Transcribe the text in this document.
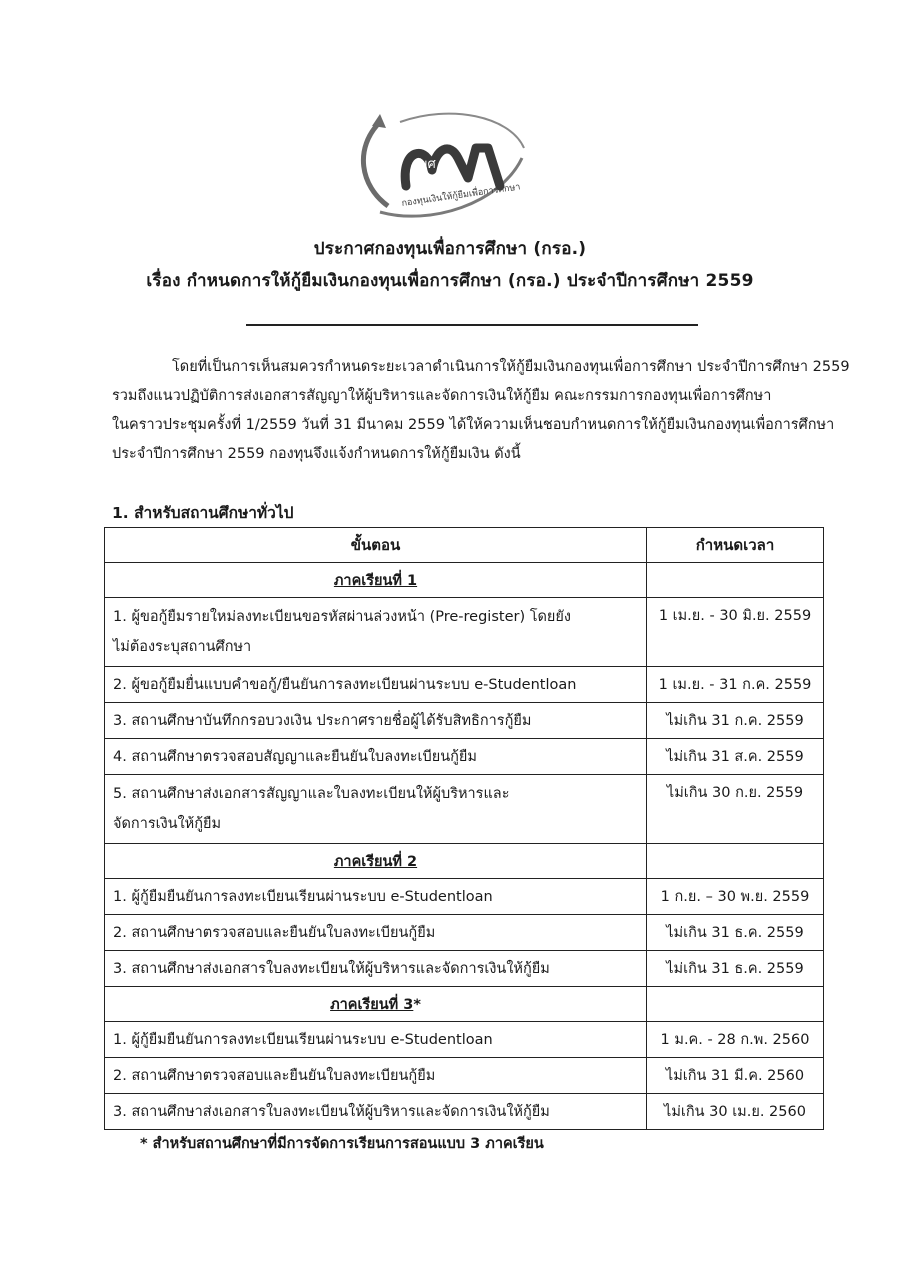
กยศ
กองทุนเงินให้กู้ยืมเพื่อการศึกษา
ประกาศกองทุนเพื่อการศึกษา (กรอ.)
เรื่อง กำหนดการให้กู้ยืมเงินกองทุนเพื่อการศึกษา (กรอ.) ประจำปีการศึกษา 2559
โดยที่เป็นการเห็นสมควรกำหนดระยะเวลาดำเนินการให้กู้ยืมเงินกองทุนเพื่อการศึกษา ประจำปีการศึกษา 2559
รวมถึงแนวปฏิบัติการส่งเอกสารสัญญาให้ผู้บริหารและจัดการเงินให้กู้ยืม คณะกรรมการกองทุนเพื่อการศึกษา
ในคราวประชุมครั้งที่ 1/2559 วันที่ 31 มีนาคม 2559 ได้ให้ความเห็นชอบกำหนดการให้กู้ยืมเงินกองทุนเพื่อการศึกษา
ประจำปีการศึกษา 2559 กองทุนจึงแจ้งกำหนดการให้กู้ยืมเงิน ดังนี้
1. สำหรับสถานศึกษาทั่วไป
ขั้นตอน	กำหนดเวลา
ภาคเรียนที่ 1	

1. ผู้ขอกู้ยืมรายใหม่ลงทะเบียนขอรหัสผ่านล่วงหน้า (Pre-register) โดยยัง
ไม่ต้องระบุสถานศึกษา	1 เม.ย. - 30 มิ.ย. 2559
2. ผู้ขอกู้ยืมยื่นแบบคำขอกู้/ยืนยันการลงทะเบียนผ่านระบบ e-Studentloan	1 เม.ย. - 31 ก.ค. 2559
3. สถานศึกษาบันทึกกรอบวงเงิน ประกาศรายชื่อผู้ได้รับสิทธิการกู้ยืม	ไม่เกิน 31 ก.ค. 2559
4. สถานศึกษาตรวจสอบสัญญาและยืนยันใบลงทะเบียนกู้ยืม	ไม่เกิน 31 ส.ค. 2559

5. สถานศึกษาส่งเอกสารสัญญาและใบลงทะเบียนให้ผู้บริหารและ
จัดการเงินให้กู้ยืม	ไม่เกิน 30 ก.ย. 2559
ภาคเรียนที่ 2	
1. ผู้กู้ยืมยืนยันการลงทะเบียนเรียนผ่านระบบ e-Studentloan	1 ก.ย. – 30 พ.ย. 2559
2. สถานศึกษาตรวจสอบและยืนยันใบลงทะเบียนกู้ยืม	ไม่เกิน 31 ธ.ค. 2559
3. สถานศึกษาส่งเอกสารใบลงทะเบียนให้ผู้บริหารและจัดการเงินให้กู้ยืม	ไม่เกิน 31 ธ.ค. 2559
ภาคเรียนที่ 3*	
1. ผู้กู้ยืมยืนยันการลงทะเบียนเรียนผ่านระบบ e-Studentloan	1 ม.ค. - 28 ก.พ. 2560
2. สถานศึกษาตรวจสอบและยืนยันใบลงทะเบียนกู้ยืม	ไม่เกิน 31 มี.ค. 2560
3. สถานศึกษาส่งเอกสารใบลงทะเบียนให้ผู้บริหารและจัดการเงินให้กู้ยืม	ไม่เกิน 30 เม.ย. 2560
* สำหรับสถานศึกษาที่มีการจัดการเรียนการสอนแบบ 3 ภาคเรียน
